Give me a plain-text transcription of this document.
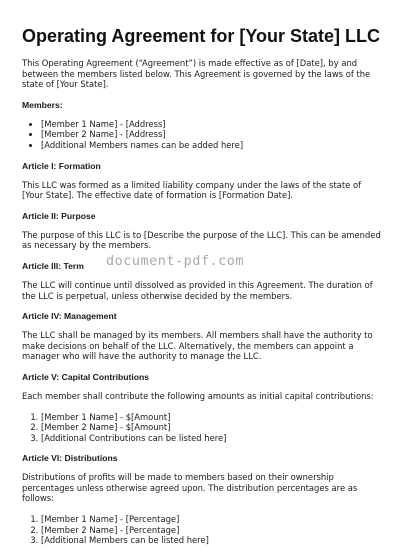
Operating Agreement for [Your State] LLC

This Operating Agreement (“Agreement”) is made effective as of [Date], by and between the members listed below. This Agreement is governed by the laws of the state of [Your State].

Members:
• [Member 1 Name] - [Address]
• [Member 2 Name] - [Address]
• [Additional Members names can be added here]
Article I: Formation

This LLC was formed as a limited liability company under the laws of the state of [Your State]. The effective date of formation is [Formation Date].

Article II: Purpose

The purpose of this LLC is to [Describe the purpose of the LLC]. This can be amended as necessary by the members.

Article III: Term

The LLC will continue until dissolved as provided in this Agreement. The duration of the LLC is perpetual, unless otherwise decided by the members.

Article IV: Management

The LLC shall be managed by its members. All members shall have the authority to make decisions on behalf of the LLC. Alternatively, the members can appoint a manager who will have the authority to manage the LLC.

Article V: Capital Contributions

Each member shall contribute the following amounts as initial capital contributions:

1. [Member 1 Name] - $[Amount]
2. [Member 2 Name] - $[Amount]
3. [Additional Contributions can be listed here]
Article VI: Distributions

Distributions of profits will be made to members based on their ownership percentages unless otherwise agreed upon. The distribution percentages are as follows:

1. [Member 1 Name] - [Percentage]
2. [Member 2 Name] - [Percentage]
3. [Additional Members can be listed here]
document-pdf.com
